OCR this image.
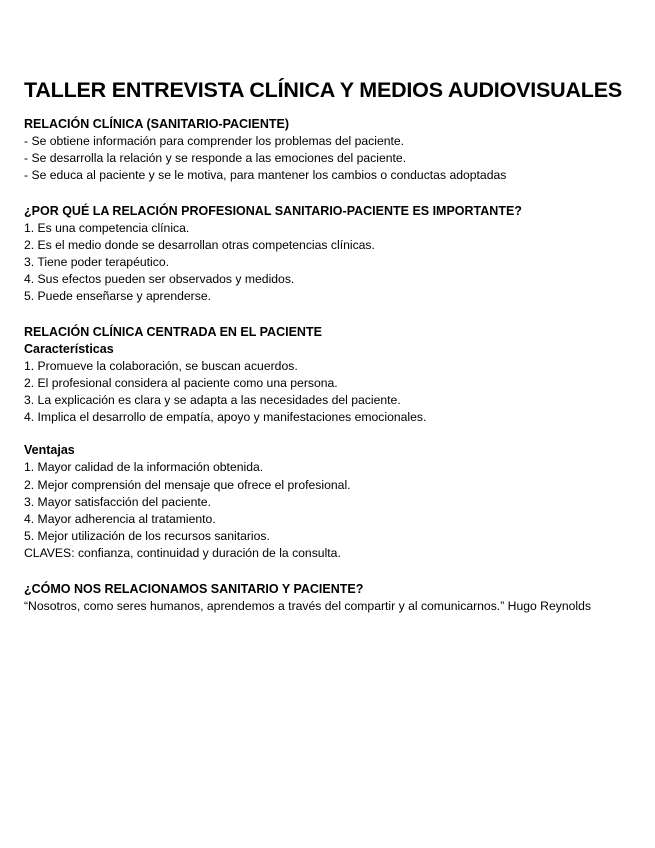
TALLER ENTREVISTA CLÍNICA Y MEDIOS AUDIOVISUALES
RELACIÓN CLÍNICA (SANITARIO-PACIENTE)
- Se obtiene información para comprender los problemas del paciente.
- Se desarrolla la relación y se responde a las emociones del paciente.
- Se educa al paciente y se le motiva, para mantener los cambios o conductas adoptadas
¿POR QUÉ LA RELACIÓN PROFESIONAL SANITARIO-PACIENTE ES IMPORTANTE?
1. Es una competencia clínica.
2. Es el medio donde se desarrollan otras competencias clínicas.
3. Tiene poder terapéutico.
4. Sus efectos pueden ser observados y medidos.
5. Puede enseñarse y aprenderse.
RELACIÓN CLÍNICA CENTRADA EN EL PACIENTE
Características
1. Promueve la colaboración, se buscan acuerdos.
2. El profesional considera al paciente como una persona.
3. La explicación es clara y se adapta a las necesidades del paciente.
4. Implica el desarrollo de empatía, apoyo y manifestaciones emocionales.
Ventajas
1. Mayor calidad de la información obtenida.
2. Mejor comprensión del mensaje que ofrece el profesional.
3. Mayor satisfacción del paciente.
4. Mayor adherencia al tratamiento.
5. Mejor utilización de los recursos sanitarios.
CLAVES: confianza, continuidad y duración de la consulta.
¿CÓMO NOS RELACIONAMOS SANITARIO Y PACIENTE?
“Nosotros, como seres humanos, aprendemos a través del compartir y al comunicarnos.” Hugo Reynolds
